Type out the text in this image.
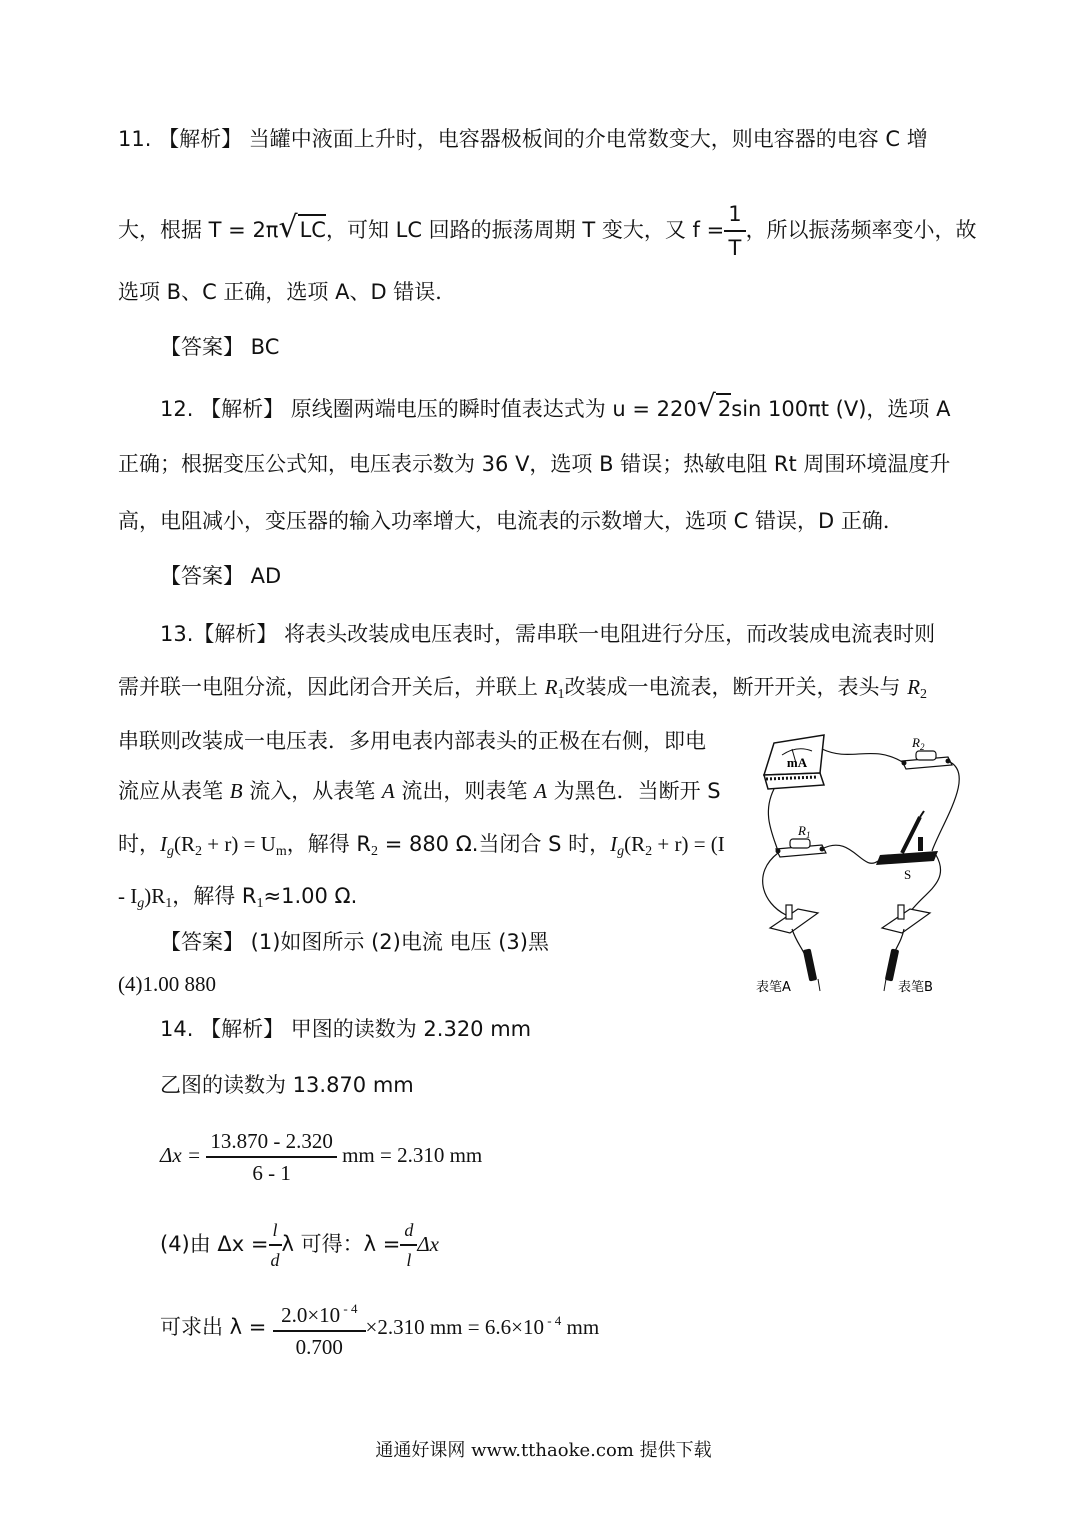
11. 【解析】 当罐中液面上升时，电容器极板间的介电常数变大，则电容器的电容 C 增
大，根据 T = 2π√LC，可知 LC 回路的振荡周期 T 变大，又 $f = \frac{1}{T}$ ，所以振荡频率变小，故
选项 B、C 正确，选项 A、D 错误．
【答案】 BC
12. 【解析】 原线圈两端电压的瞬时值表达式为 u = 220√2sin 100πt (V)，选项 A
正确；根据变压公式知，电压表示数为 36 V，选项 B 错误；热敏电阻 Rt 周围环境温度升
高，电阻减小，变压器的输入功率增大，电流表的示数增大，选项 C 错误，D 正确．
【答案】 AD
13.【解析】 将表头改装成电压表时，需串联一电阻进行分压，而改装成电流表时则
需并联一电阻分流，因此闭合开关后，并联上 $R_1$改装成一电流表，断开开关，表头与 $R_2$
串联则改装成一电压表．多用电表内部表头的正极在右侧，即电
流应从表笔 B 流入，从表笔 A 流出，则表笔 A 为黑色．当断开 S
时，$I_g(R_2 + r) = U_m$，解得 $R_2 = 880$ Ω.当闭合 S 时，$I_g(R_2 + r) = (I$
- $I_g)R_1$，解得 $R_1\approx 1.00$ Ω.
【答案】 (1)如图所示 (2)电流 电压 (3)黑
(4)1.00 880
mA
$R_2$
$R_1$
S
表笔A	表笔B
14. 【解析】 甲图的读数为 2.320 mm
乙图的读数为 13.870 mm
$\Delta x = \frac{13.870 - 2.320}{6 - 1}$ mm = 2.310 mm
(4)由 $\Delta x = \frac{l}{d}$ λ 可得：$\lambda = \frac{d}{l}$ Δx
可求出 $\lambda = \frac{2.0\times 10 ^{- 4}}{0.700} \times 2.310$ mm = 6.6×10 $^{- 4}$ mm
通通好课网 www.tthaoke.com 提供下载
